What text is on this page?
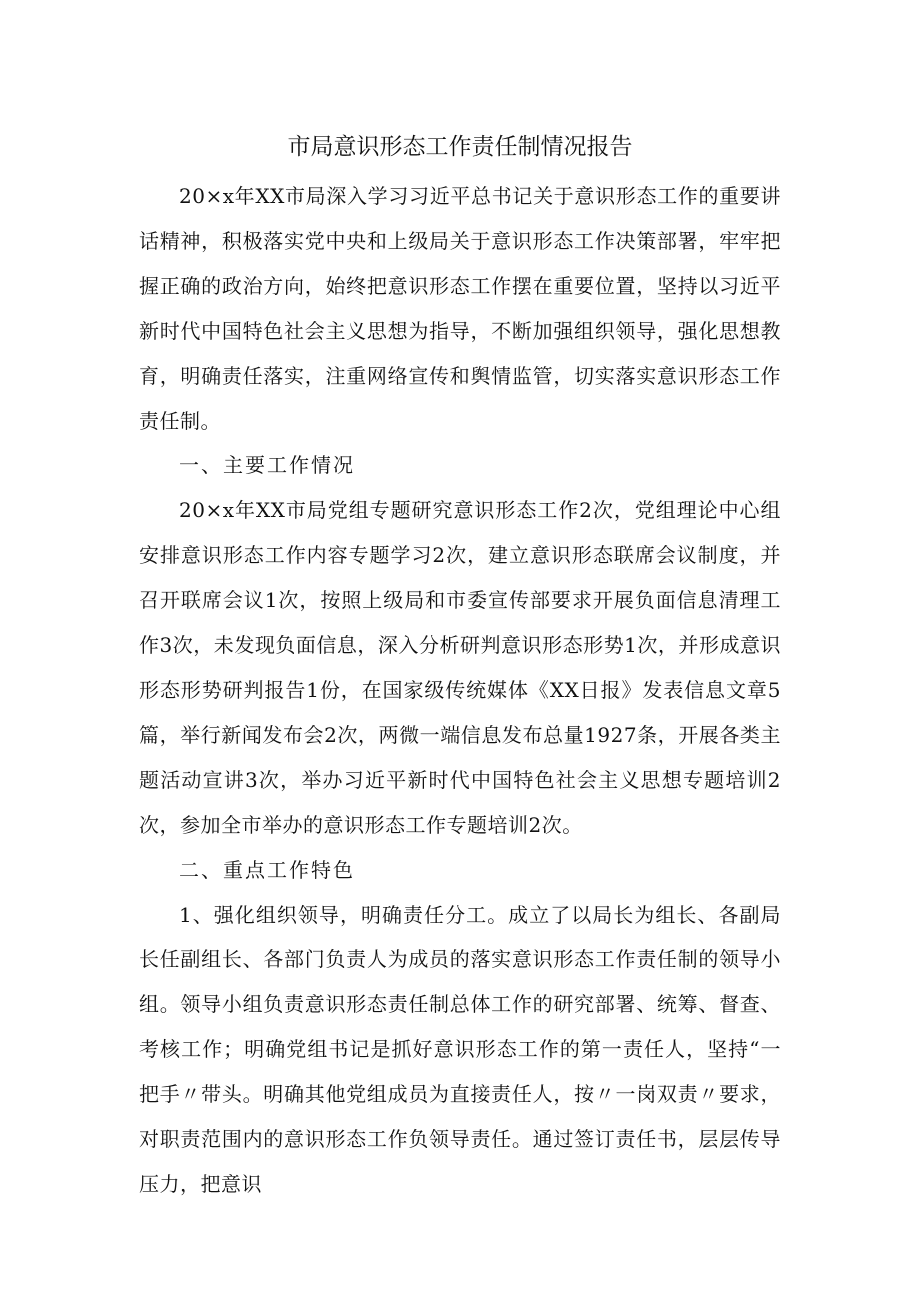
市局意识形态工作责任制情况报告

20×x年XX市局深入学习习近平总书记关于意识形态工作的重要讲话精神，积极落实党中央和上级局关于意识形态工作决策部署，牢牢把握正确的政治方向，始终把意识形态工作摆在重要位置，坚持以习近平新时代中国特色社会主义思想为指导，不断加强组织领导，强化思想教育，明确责任落实，注重网络宣传和舆情监管，切实落实意识形态工作责任制。

一、主要工作情况

20×x年XX市局党组专题研究意识形态工作2次，党组理论中心组安排意识形态工作内容专题学习2次，建立意识形态联席会议制度，并召开联席会议1次，按照上级局和市委宣传部要求开展负面信息清理工作3次，未发现负面信息，深入分析研判意识形态形势1次，并形成意识形态形势研判报告1份，在国家级传统媒体《XX日报》发表信息文章5篇，举行新闻发布会2次，两微一端信息发布总量1927条，开展各类主题活动宣讲3次，举办习近平新时代中国特色社会主义思想专题培训2次，参加全市举办的意识形态工作专题培训2次。

二、重点工作特色

1、强化组织领导，明确责任分工。成立了以局长为组长、各副局长任副组长、各部门负责人为成员的落实意识形态工作责任制的领导小组。领导小组负责意识形态责任制总体工作的研究部署、统筹、督查、考核工作；明确党组书记是抓好意识形态工作的第一责任人，坚持“一把手〃带头。明确其他党组成员为直接责任人，按〃一岗双责〃要求，对职责范围内的意识形态工作负领导责任。通过签订责任书，层层传导压力，把意识
